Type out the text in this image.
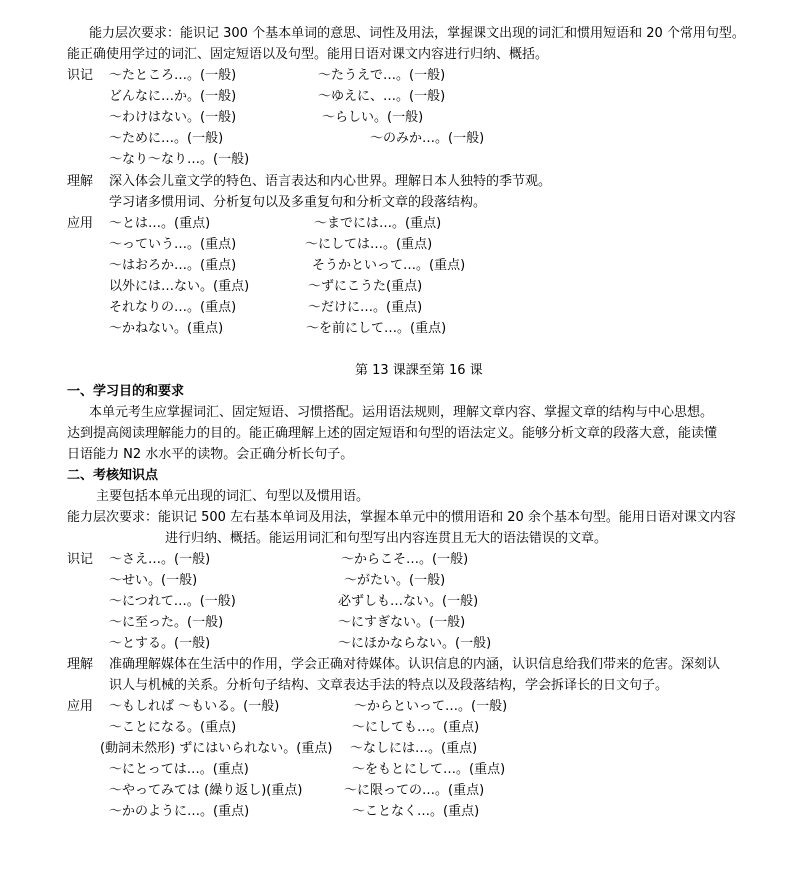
能力层次要求：能识记 300 个基本单词的意思、词性及用法，掌握课文出现的词汇和惯用短语和 20 个常用句型。
能正确使用学过的词汇、固定短语以及句型。能用日语对课文内容进行归纳、概括。
识记 ～たところ…。(一般)	～たうえで…。(一般)
どんなに…か。(一般)	～ゆえに、…。(一般)
～わけはない。(一般)	～らしい。(一般)
～ために…。(一般)	～のみか…。(一般)
～なり～なり…。(一般)
理解 深入体会儿童文学的特色、语言表达和内心世界。理解日本人独特的季节观。
学习诸多惯用词、分析复句以及多重复句和分析文章的段落结构。
应用 ～とは…。(重点)	～までには…。(重点)
～っていう…。(重点)	～にしては…。(重点)
～はおろか…。(重点)	そうかといって…。(重点)
以外には…ない。(重点)	～ずにこうた(重点)
それなりの…。(重点)	～だけに…。(重点)
～かねない。(重点)	～を前にして…。(重点)
第 13 课課至第 16 课
一、学习目的和要求
本单元考生应掌握词汇、固定短语、习惯搭配。运用语法规则，理解文章内容、掌握文章的结构与中心思想。
达到提高阅读理解能力的目的。能正确理解上述的固定短语和句型的语法定义。能够分析文章的段落大意，能读懂
日语能力 N2 水水平的读物。会正确分析长句子。
二、考核知识点
主要包括本单元出现的词汇、句型以及惯用语。
能力层次要求：能识记 500 左右基本单词及用法，掌握本单元中的惯用语和 20 余个基本句型。能用日语对课文内容
进行归纳、概括。能运用词汇和句型写出内容连贯且无大的语法错误的文章。
识记 ～さえ…。(一般)	～からこそ…。(一般)
～せい。(一般)	～がたい。(一般)
～につれて…。(一般)	必ずしも…ない。(一般)
～に至った。(一般)	～にすぎない。(一般)
～とする。(一般)	～にほかならない。(一般)
理解 准确理解媒体在生活中的作用，学会正确对待媒体。认识信息的内涵，认识信息给我们带来的危害。深刻认
识人与机械的关系。分析句子结构、文章表达手法的特点以及段落结构，学会拆译长的日文句子。
应用 ～もしれば ～もいる。(一般)	～からといって…。(一般)
～ことになる。(重点)	～にしても…。(重点)
(動詞未然形) ずにはいられない。(重点) ～なしには…。(重点)
～にとっては…。(重点)	～をもとにして…。(重点)
～やってみては (繰り返し)(重点)	～に限っての…。(重点)
～かのように…。(重点)	～ことなく…。(重点)
